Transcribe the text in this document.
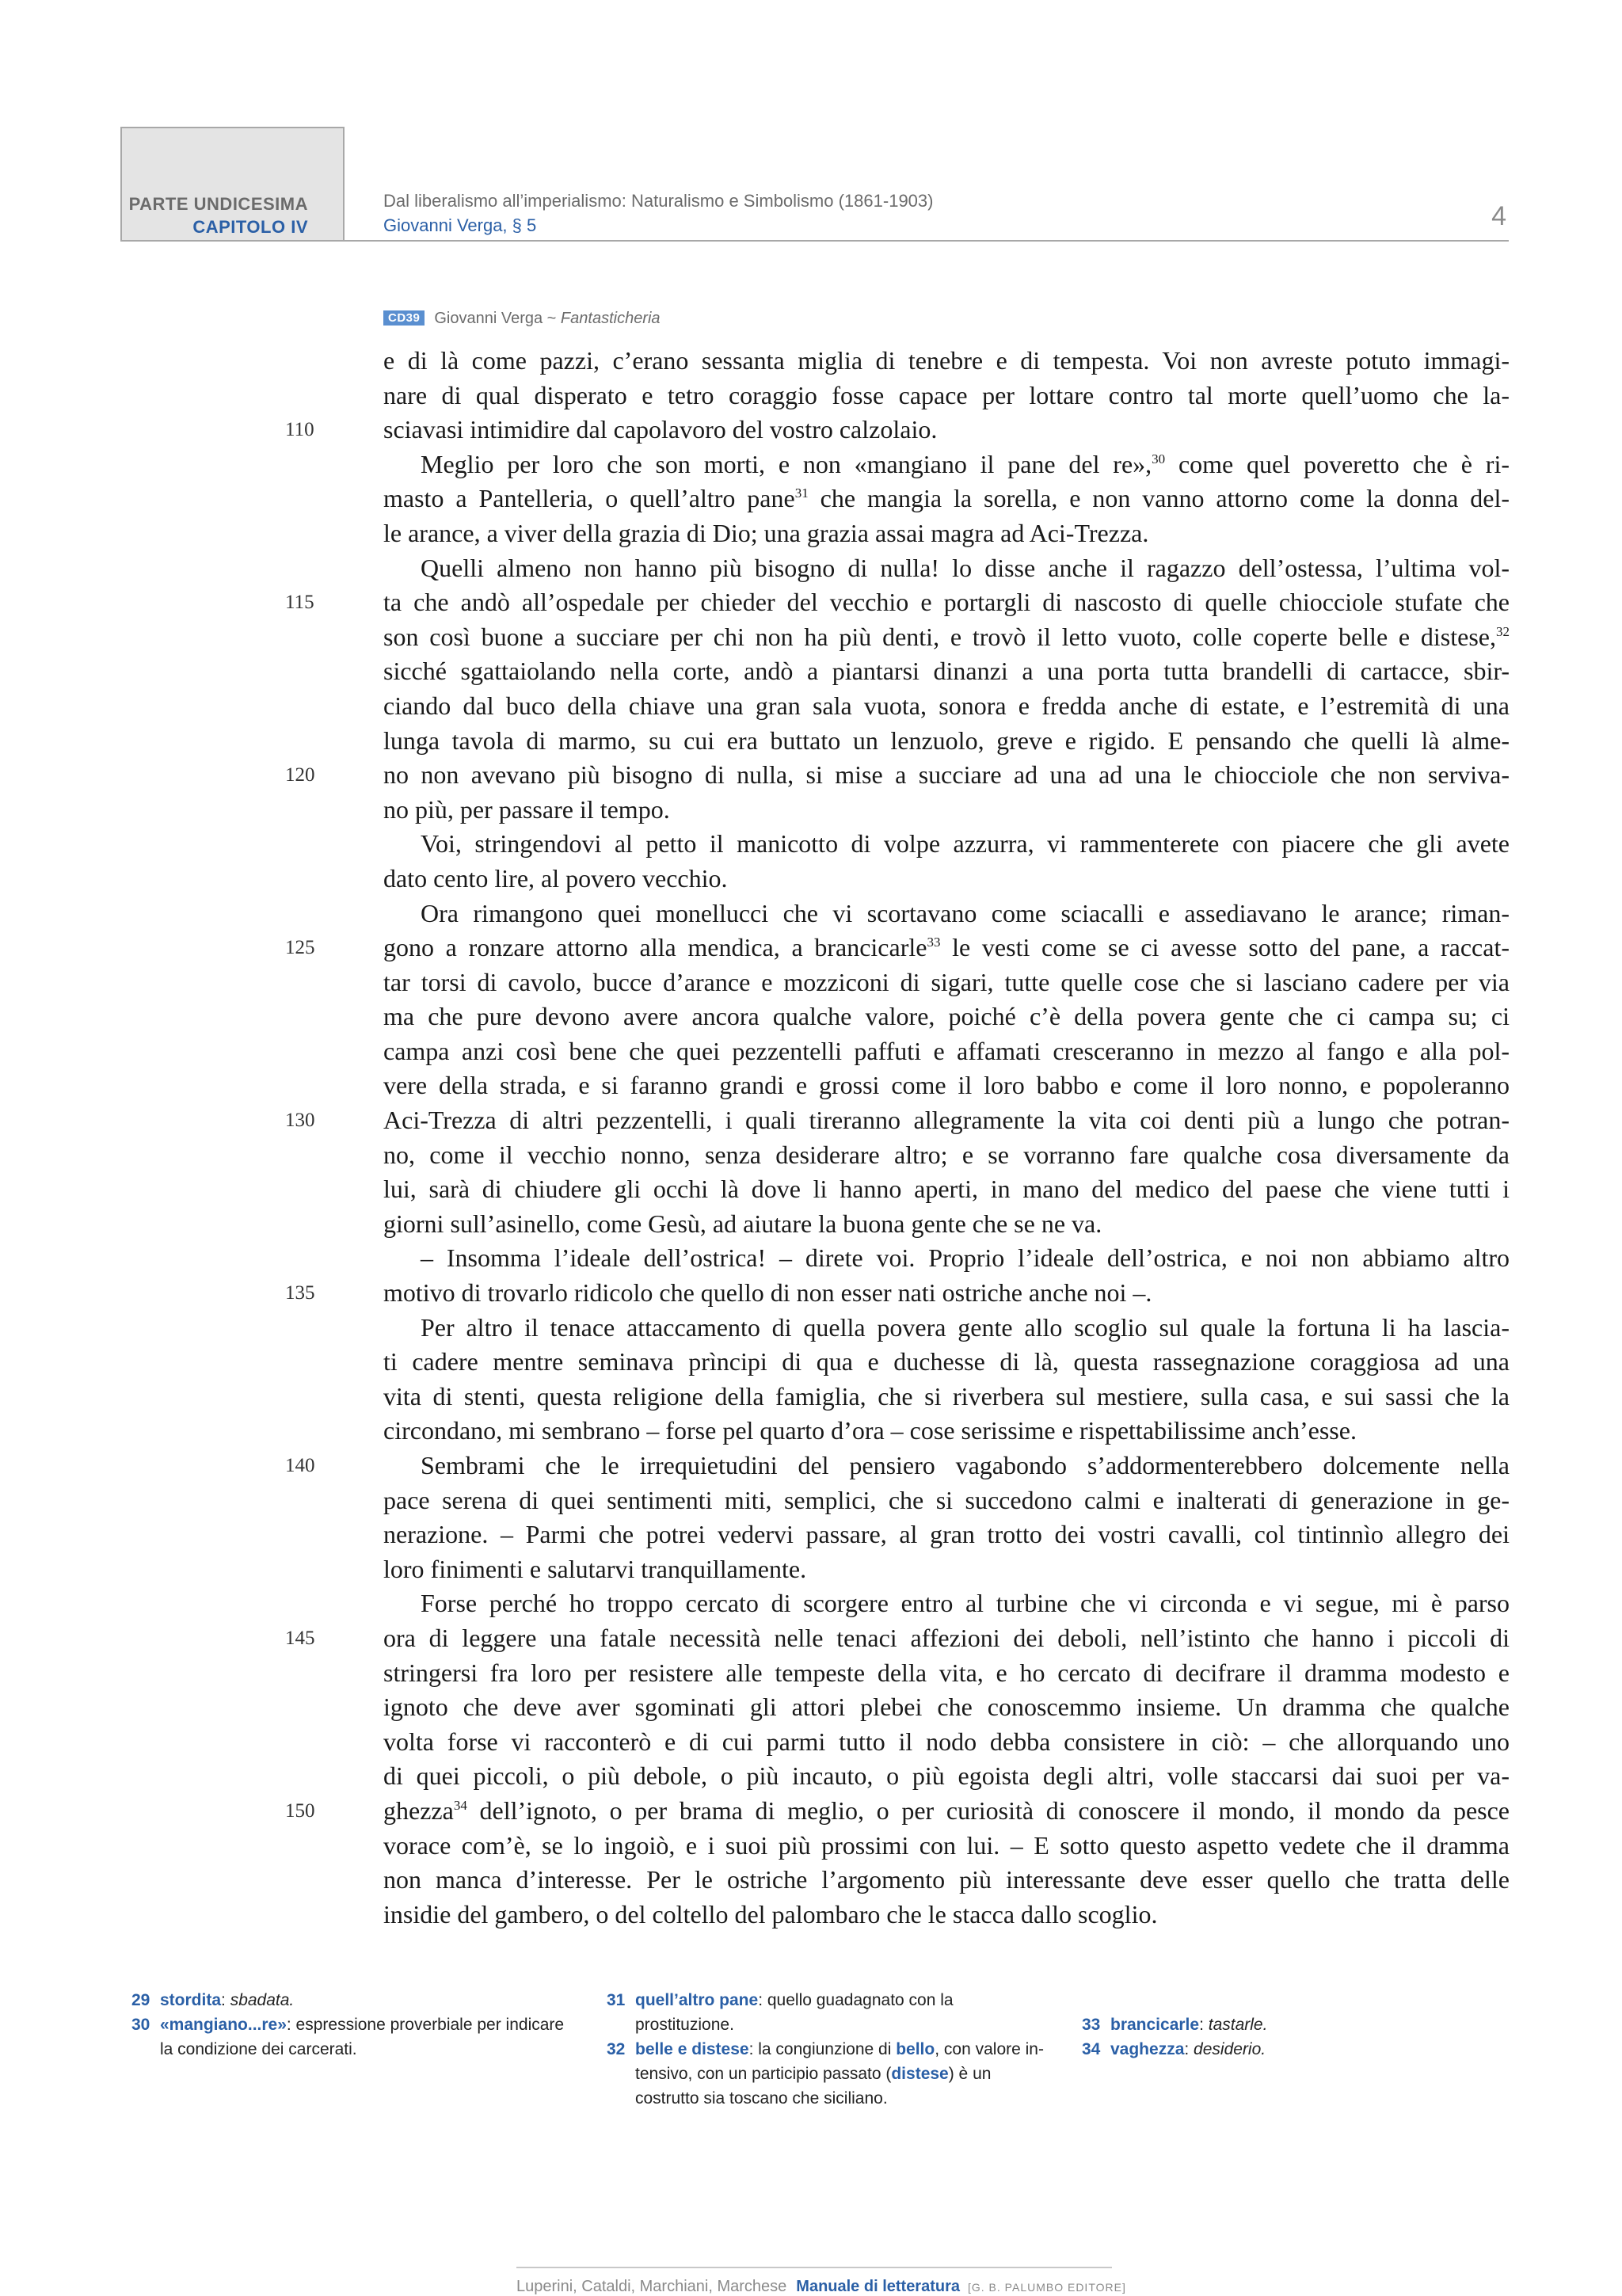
PARTE UNDICESIMA
CAPITOLO IV
Dal liberalismo all’imperialismo: Naturalismo e Simbolismo (1861-1903)
Giovanni Verga, § 5	4
CD39 Giovanni Verga ~ Fantasticheria
e di là come pazzi, c’erano sessanta miglia di tenebre e di tempesta. Voi non avreste potuto immagi-
nare di qual disperato e tetro coraggio fosse capace per lottare contro tal morte quell’uomo che la-
110	sciavasi intimidire dal capolavoro del vostro calzolaio.
Meglio per loro che son morti, e non «mangiano il pane del re»,$^{30}$ come quel poveretto che è ri-
masto a Pantelleria, o quell’altro pane$^{31}$ che mangia la sorella, e non vanno attorno come la donna del-
le arance, a viver della grazia di Dio; una grazia assai magra ad Aci-Trezza.
Quelli almeno non hanno più bisogno di nulla! lo disse anche il ragazzo dell’ostessa, l’ultima vol-
115	ta che andò all’ospedale per chieder del vecchio e portargli di nascosto di quelle chiocciole stufate che
son così buone a succiare per chi non ha più denti, e trovò il letto vuoto, colle coperte belle e distese,$^{32}$
sicché sgattaiolando nella corte, andò a piantarsi dinanzi a una porta tutta brandelli di cartacce, sbir-
ciando dal buco della chiave una gran sala vuota, sonora e fredda anche di estate, e l’estremità di una
lunga tavola di marmo, su cui era buttato un lenzuolo, greve e rigido. E pensando che quelli là alme-
120	no non avevano più bisogno di nulla, si mise a succiare ad una ad una le chiocciole che non serviva-
no più, per passare il tempo.
Voi, stringendovi al petto il manicotto di volpe azzurra, vi rammenterete con piacere che gli avete
dato cento lire, al povero vecchio.
Ora rimangono quei monellucci che vi scortavano come sciacalli e assediavano le arance; riman-
125	gono a ronzare attorno alla mendica, a brancicarle$^{33}$ le vesti come se ci avesse sotto del pane, a raccat-
tar torsi di cavolo, bucce d’arance e mozziconi di sigari, tutte quelle cose che si lasciano cadere per via
ma che pure devono avere ancora qualche valore, poiché c’è della povera gente che ci campa su; ci
campa anzi così bene che quei pezzentelli paffuti e affamati cresceranno in mezzo al fango e alla pol-
vere della strada, e si faranno grandi e grossi come il loro babbo e come il loro nonno, e popoleranno
130	Aci-Trezza di altri pezzentelli, i quali tireranno allegramente la vita coi denti più a lungo che potran-
no, come il vecchio nonno, senza desiderare altro; e se vorranno fare qualche cosa diversamente da
lui, sarà di chiudere gli occhi là dove li hanno aperti, in mano del medico del paese che viene tutti i
giorni sull’asinello, come Gesù, ad aiutare la buona gente che se ne va.
– Insomma l’ideale dell’ostrica! – direte voi. Proprio l’ideale dell’ostrica, e noi non abbiamo altro
135	motivo di trovarlo ridicolo che quello di non esser nati ostriche anche noi –.
Per altro il tenace attaccamento di quella povera gente allo scoglio sul quale la fortuna li ha lascia-
ti cadere mentre seminava prìncipi di qua e duchesse di là, questa rassegnazione coraggiosa ad una
vita di stenti, questa religione della famiglia, che si riverbera sul mestiere, sulla casa, e sui sassi che la
circondano, mi sembrano – forse pel quarto d’ora – cose serissime e rispettabilissime anch’esse.
140	Sembrami che le irrequietudini del pensiero vagabondo s’addormenterebbero dolcemente nella
pace serena di quei sentimenti miti, semplici, che si succedono calmi e inalterati di generazione in ge-
nerazione. – Parmi che potrei vedervi passare, al gran trotto dei vostri cavalli, col tintinnìo allegro dei
loro finimenti e salutarvi tranquillamente.
Forse perché ho troppo cercato di scorgere entro al turbine che vi circonda e vi segue, mi è parso
145	ora di leggere una fatale necessità nelle tenaci affezioni dei deboli, nell’istinto che hanno i piccoli di
stringersi fra loro per resistere alle tempeste della vita, e ho cercato di decifrare il dramma modesto e
ignoto che deve aver sgominati gli attori plebei che conoscemmo insieme. Un dramma che qualche
volta forse vi racconterò e di cui parmi tutto il nodo debba consistere in ciò: – che allorquando uno
di quei piccoli, o più debole, o più incauto, o più egoista degli altri, volle staccarsi dai suoi per va-
150	ghezza$^{34}$ dell’ignoto, o per brama di meglio, o per curiosità di conoscere il mondo, il mondo da pesce
vorace com’è, se lo ingoiò, e i suoi più prossimi con lui. – E sotto questo aspetto vedete che il dramma
non manca d’interesse. Per le ostriche l’argomento più interessante deve esser quello che tratta delle
insidie del gambero, o del coltello del palombaro che le stacca dallo scoglio.
29 stordita: sbadata.
30 «mangiano...re»: espressione proverbiale per indicare la condizione dei carcerati.
31 quell’altro pane: quello guadagnato con la prostituzione.
32 belle e distese: la congiunzione di bello, con valore in- tensivo, con un participio passato (distese) è un costrutto sia toscano che siciliano.
33 brancicarle: tastarle.
34 vaghezza: desiderio.
Luperini, Cataldi, Marchiani, Marchese Manuale di letteratura [G. B. PALUMBO EDITORE]
